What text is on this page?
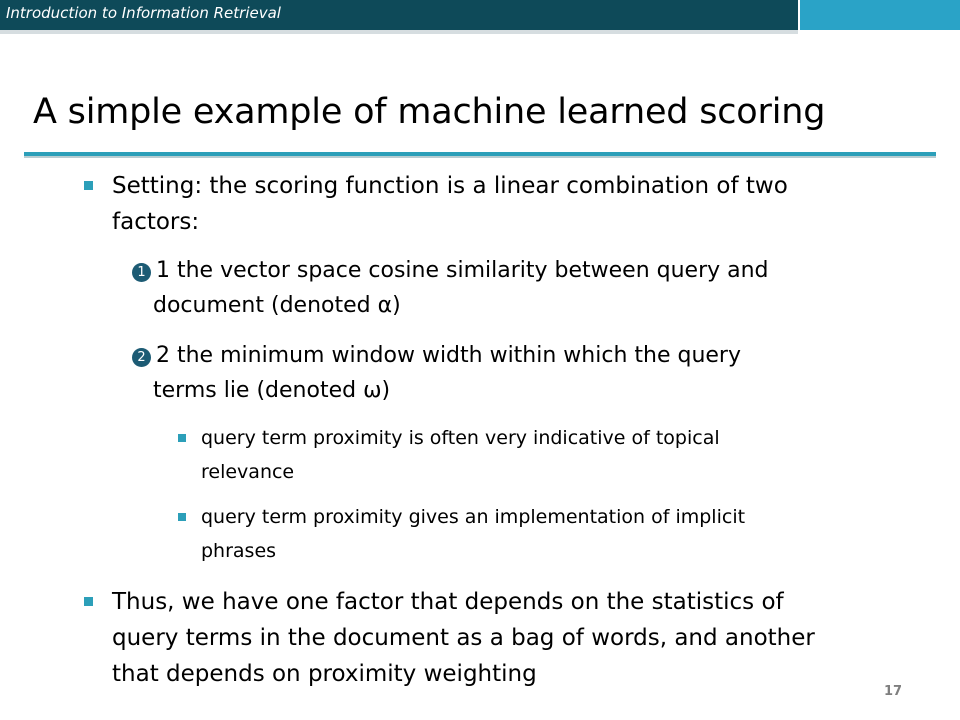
Introduction to Information Retrieval
A simple example of machine learned scoring
Setting: the scoring function is a linear combination of two
factors:
1 1 the vector space cosine similarity between query and
document (denoted α)
2 2 the minimum window width within which the query
terms lie (denoted ω)
query term proximity is often very indicative of topical
relevance
query term proximity gives an implementation of implicit
phrases
Thus, we have one factor that depends on the statistics of
query terms in the document as a bag of words, and another
that depends on proximity weighting
17
